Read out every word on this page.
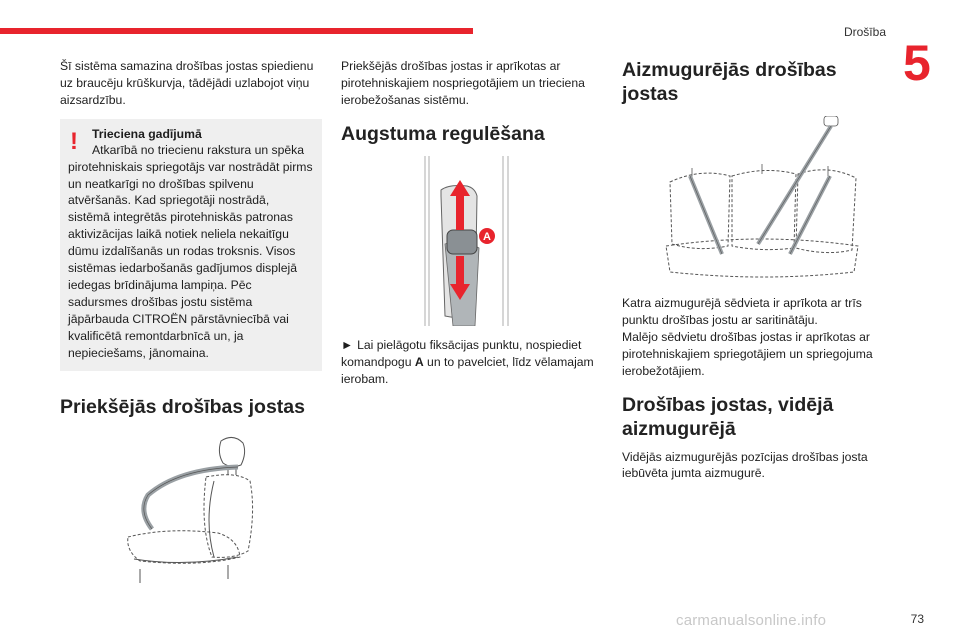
Drošība
5

Šī sistēma samazina drošības jostas spiedienu uz braucēju krūškurvja, tādējādi uzlabojot viņu aizsardzību.

!	Trieciena gadījumā
Atkarībā no triecienu rakstura un spēka pirotehniskais spriegotājs var nostrādāt pirms un neatkarīgi no drošības spilvenu atvēršanās. Kad spriegotāji nostrādā, sistēmā integrētās pirotehniskās patronas aktivizācijas laikā notiek neliela nekaitīgu dūmu izdalīšanās un rodas troksnis. Visos sistēmas iedarbošanās gadījumos displejā iedegas brīdinājuma lampiņa. Pēc sadursmes drošības jostu sistēma jāpārbauda CITROËN pārstāvniecībā vai kvalificētā remontdarbnīcā un, ja nepieciešams, jānomaina.
Priekšējās drošības jostas

Priekšējās drošības jostas ir aprīkotas ar pirotehniskajiem nospriegotājiem un trieciena ierobežošanas sistēmu.

Augstuma regulēšana
A

► Lai pielāgotu fiksācijas punktu, nospiediet komandpogu A un to pavelciet, līdz vēlamajam ierobam.

Aizmugurējās drošības jostas

Katra aizmugurējā sēdvieta ir aprīkota ar trīs punktu drošības jostu ar saritinātāju.

Malējo sēdvietu drošības jostas ir aprīkotas ar pirotehniskajiem spriegotājiem un spriegojuma ierobežotājiem.

Drošības jostas, vidējā aizmugurējā

Vidējās aizmugurējās pozīcijas drošības josta iebūvēta jumta aizmugurē.

carmanualsonline.info	73
